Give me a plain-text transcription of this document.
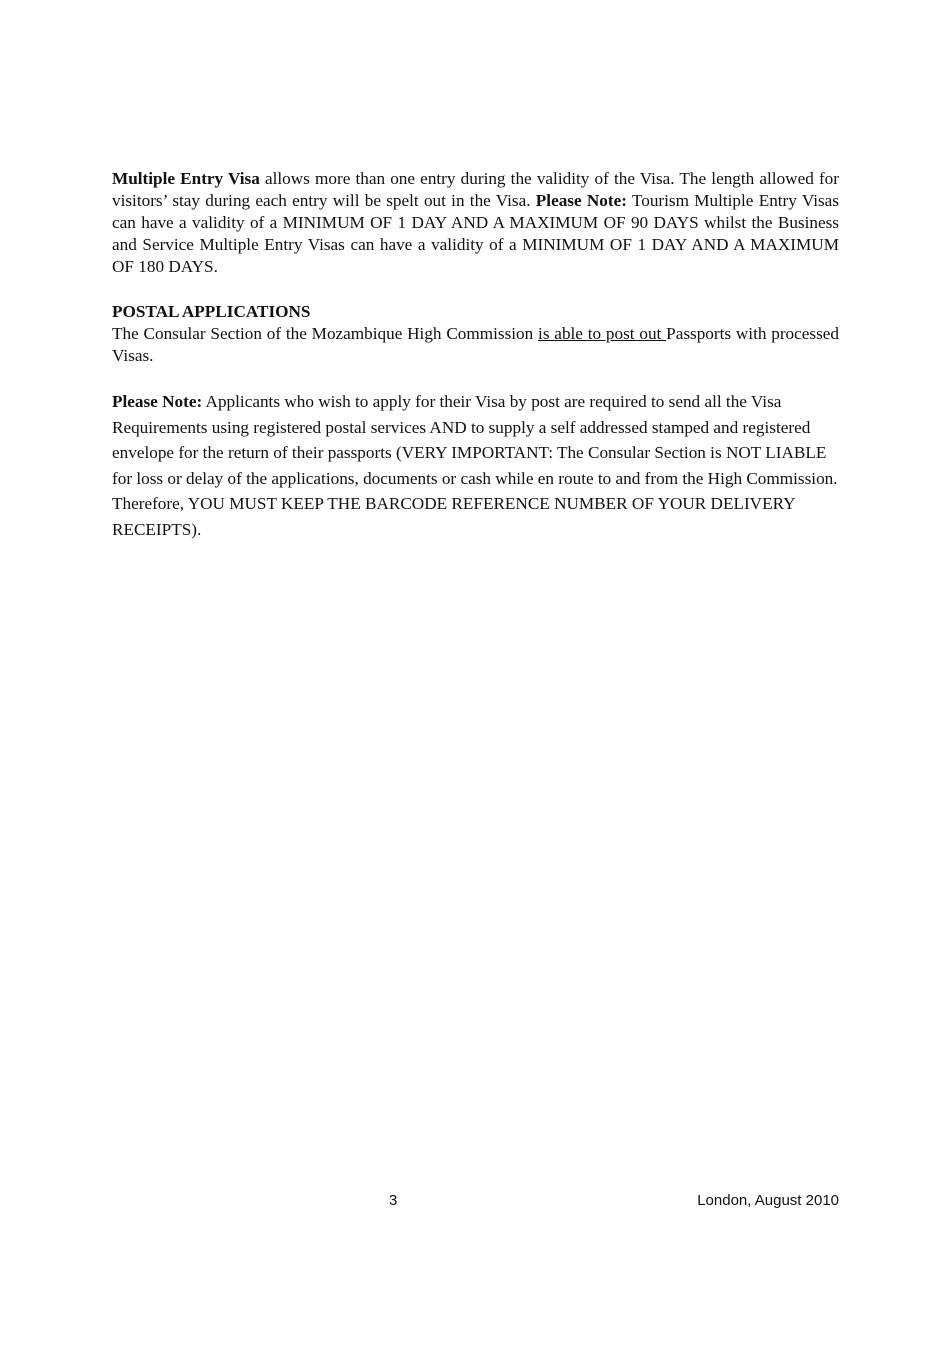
Multiple Entry Visa allows more than one entry during the validity of the Visa. The length allowed for visitors’ stay during each entry will be spelt out in the Visa. Please Note: Tourism Multiple Entry Visas can have a validity of a MINIMUM OF 1 DAY AND A MAXIMUM OF 90 DAYS whilst the Business and Service Multiple Entry Visas can have a validity of a MINIMUM OF 1 DAY AND A MAXIMUM OF 180 DAYS.

POSTAL APPLICATIONS

The Consular Section of the Mozambique High Commission is able to post out Passports with processed Visas.

Please Note: Applicants who wish to apply for their Visa by post are required to send all the Visa Requirements using registered postal services AND to supply a self addressed stamped and registered envelope for the return of their passports (VERY IMPORTANT: The Consular Section is NOT LIABLE for loss or delay of the applications, documents or cash while en route to and from the High Commission. Therefore, YOU MUST KEEP THE BARCODE REFERENCE NUMBER OF YOUR DELIVERY RECEIPTS).

3	London, August 2010
